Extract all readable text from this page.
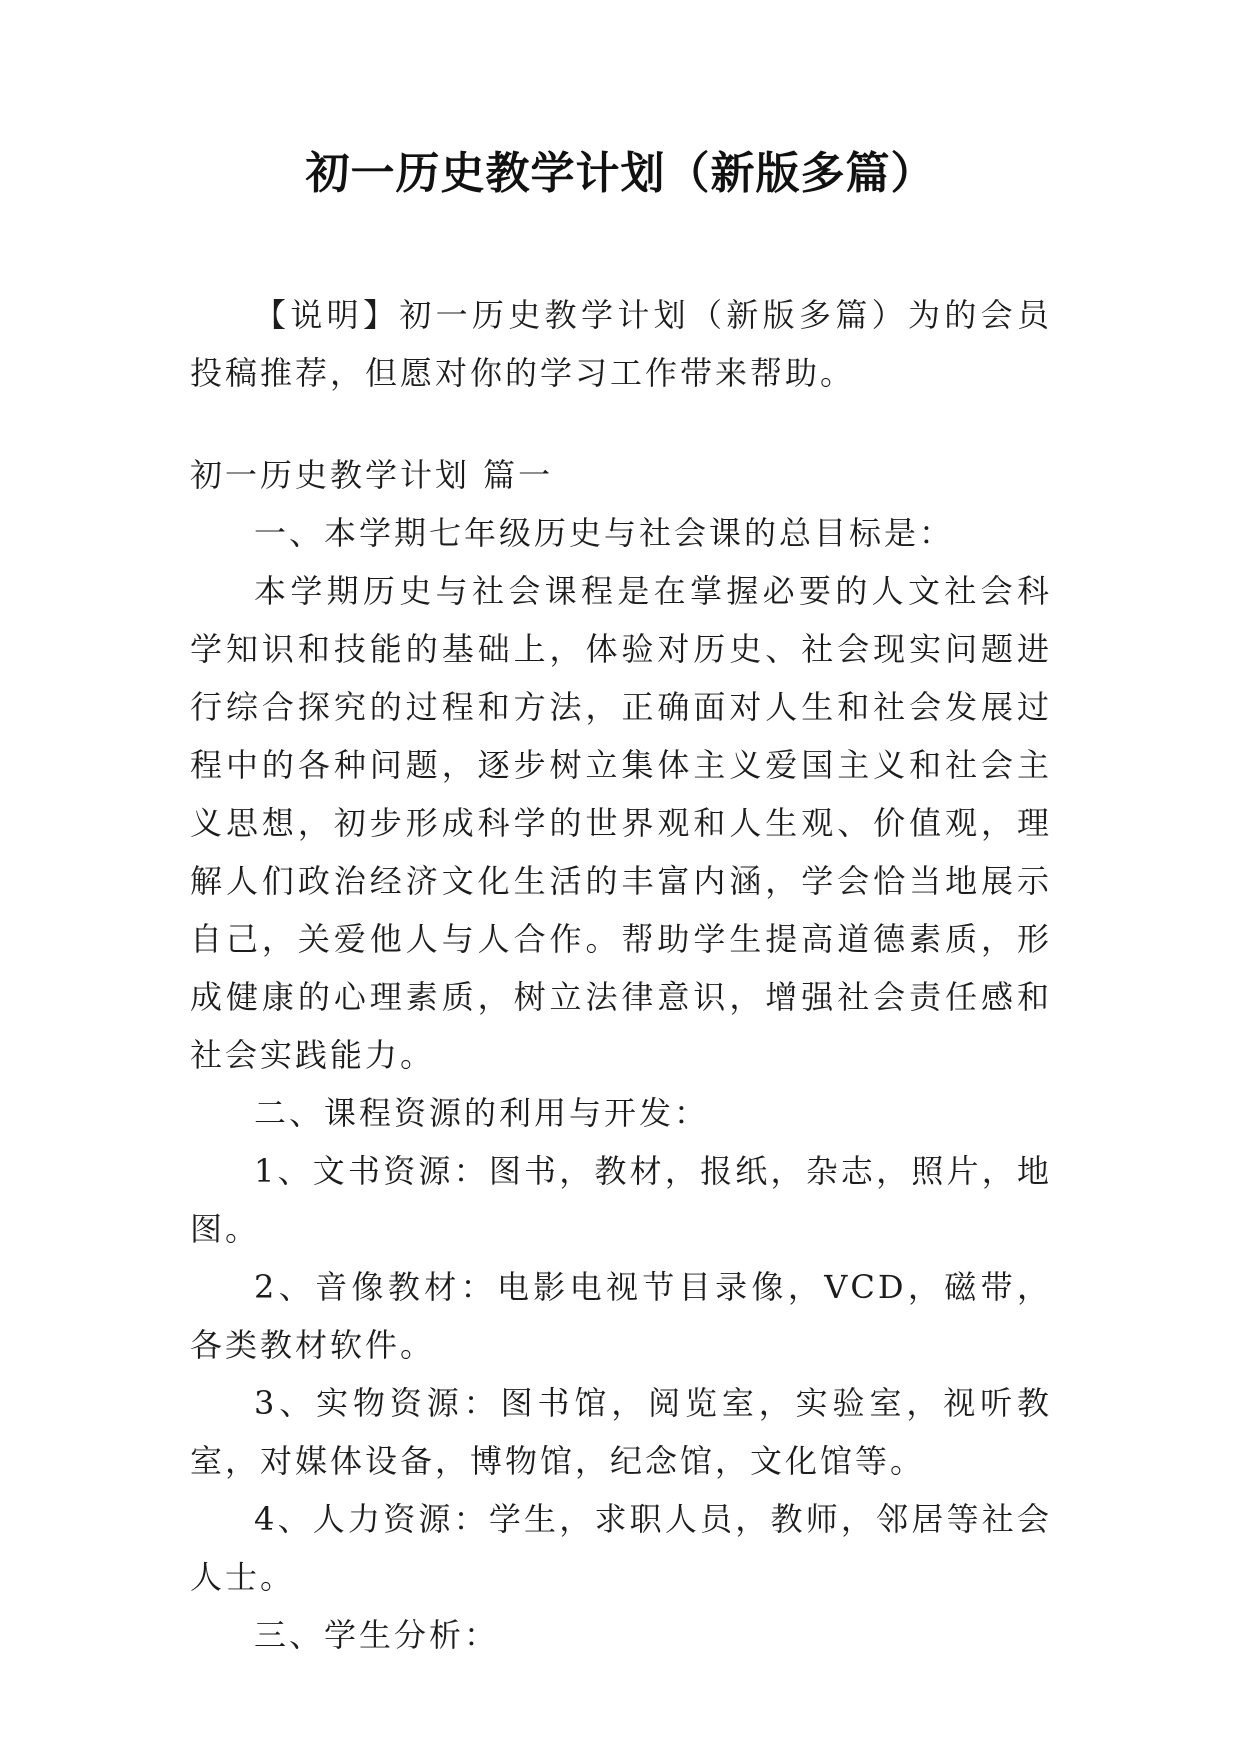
初一历史教学计划（新版多篇）

【说明】初一历史教学计划（新版多篇）为的会员投稿推荐，但愿对你的学习工作带来帮助。

初一历史教学计划 篇一

一、本学期七年级历史与社会课的总目标是：

本学期历史与社会课程是在掌握必要的人文社会科学知识和技能的基础上，体验对历史、社会现实问题进行综合探究的过程和方法，正确面对人生和社会发展过程中的各种问题，逐步树立集体主义爱国主义和社会主义思想，初步形成科学的世界观和人生观、价值观，理解人们政治经济文化生活的丰富内涵，学会恰当地展示自己，关爱他人与人合作。帮助学生提高道德素质，形成健康的心理素质，树立法律意识，增强社会责任感和社会实践能力。

二、课程资源的利用与开发：

1、文书资源：图书，教材，报纸，杂志，照片，地图。

2、音像教材：电影电视节目录像，VCD，磁带，各类教材软件。

3、实物资源：图书馆，阅览室，实验室，视听教室，对媒体设备，博物馆，纪念馆，文化馆等。

4、人力资源：学生，求职人员，教师，邻居等社会人士。

三、学生分析：
